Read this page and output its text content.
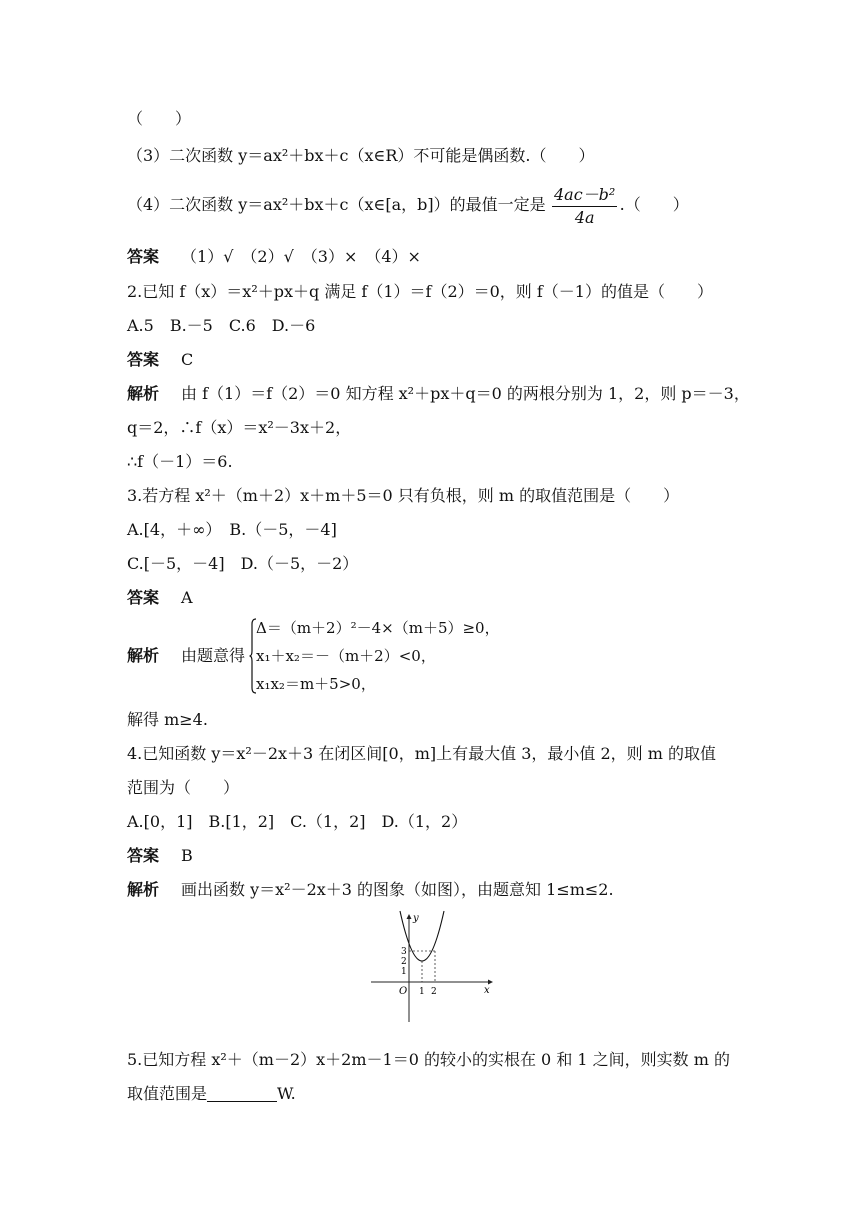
（　　）
（3）二次函数 y＝ax²＋bx＋c（x∈R）不可能是偶函数.（　　）
（4）二次函数 y＝ax²＋bx＋c（x∈[a，b]）的最值一定是	.（　　）
$\frac{\text{4ac－b²}}{4a}$
答案 （1）√　（2）√　（3）×　（4）×
2.已知 f（x）＝x²＋px＋q 满足 f（1）＝f（2）＝0，则 f（－1）的值是（　　）
A.5　B.－5　C.6　D.－6
答案 C
解析 由 f（1）＝f（2）＝0 知方程 x²＋px＋q＝0 的两根分别为 1，2，则 p＝－3，
q＝2，∴f（x）＝x²－3x＋2，
∴f（－1）＝6.
3.若方程 x²＋（m＋2）x＋m＋5＝0 只有负根，则 m 的取值范围是（　　）
A.[4，＋∞）　B.（－5，－4]
C.[－5，－4]　D.（－5，－2）
答案 A
解析 由题意得
Δ＝（m＋2）²－4×（m＋5）≥0，
x₁＋x₂＝－（m＋2）<0，
x₁x₂＝m＋5>0，
解得 m≥4.
4.已知函数 y＝x²－2x＋3 在闭区间[0，m]上有最大值 3，最小值 2，则 m 的取值
范围为（　　）
A.[0，1]　B.[1，2]　C.（1，2]　D.（1，2）
答案 B
解析 画出函数 y＝x²－2x＋3 的图象（如图），由题意知 1≤m≤2.
y
x
O
1
2
3
1 2
5.已知方程 x²＋（m－2）x＋2m－1＝0 的较小的实根在 0 和 1 之间，则实数 m 的
取值范围是	W.
